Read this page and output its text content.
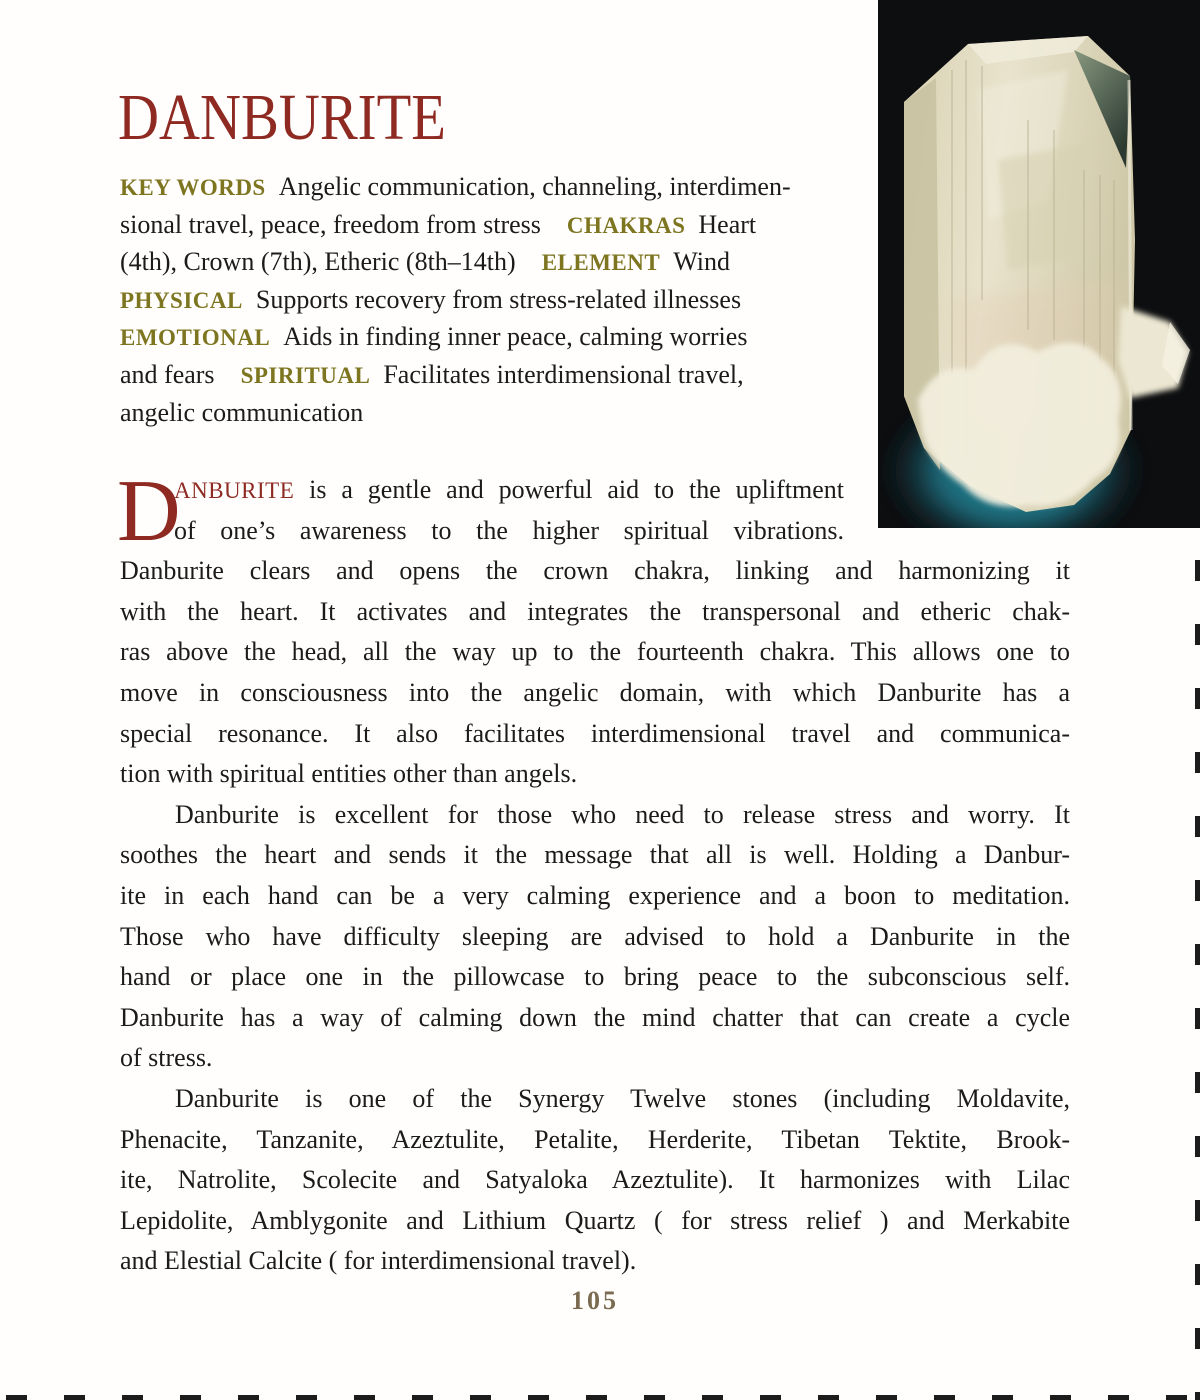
DANBURITE
KEY WORDS Angelic communication, channeling, interdimen-
sional travel, peace, freedom from stress CHAKRAS Heart
(4th), Crown (7th), Etheric (8th–14th) ELEMENT Wind
PHYSICAL Supports recovery from stress-related illnesses
EMOTIONAL Aids in finding inner peace, calming worries
and fears SPIRITUAL Facilitates interdimensional travel,
angelic communication
D
ANBURITE is a gentle and powerful aid to the upliftment
of one’s awareness to the higher spiritual vibrations.
Danburite clears and opens the crown chakra, linking and harmonizing it
with the heart. It activates and integrates the transpersonal and etheric chak-
ras above the head, all the way up to the fourteenth chakra. This allows one to
move in consciousness into the angelic domain, with which Danburite has a
special resonance. It also facilitates interdimensional travel and communica-
tion with spiritual entities other than angels.
Danburite is excellent for those who need to release stress and worry. It
soothes the heart and sends it the message that all is well. Holding a Danbur-
ite in each hand can be a very calming experience and a boon to meditation.
Those who have difficulty sleeping are advised to hold a Danburite in the
hand or place one in the pillowcase to bring peace to the subconscious self.
Danburite has a way of calming down the mind chatter that can create a cycle
of stress.
Danburite is one of the Synergy Twelve stones (including Moldavite,
Phenacite, Tanzanite, Azeztulite, Petalite, Herderite, Tibetan Tektite, Brook-
ite, Natrolite, Scolecite and Satyaloka Azeztulite). It harmonizes with Lilac
Lepidolite, Amblygonite and Lithium Quartz ( for stress relief ) and Merkabite
and Elestial Calcite ( for interdimensional travel).
105
